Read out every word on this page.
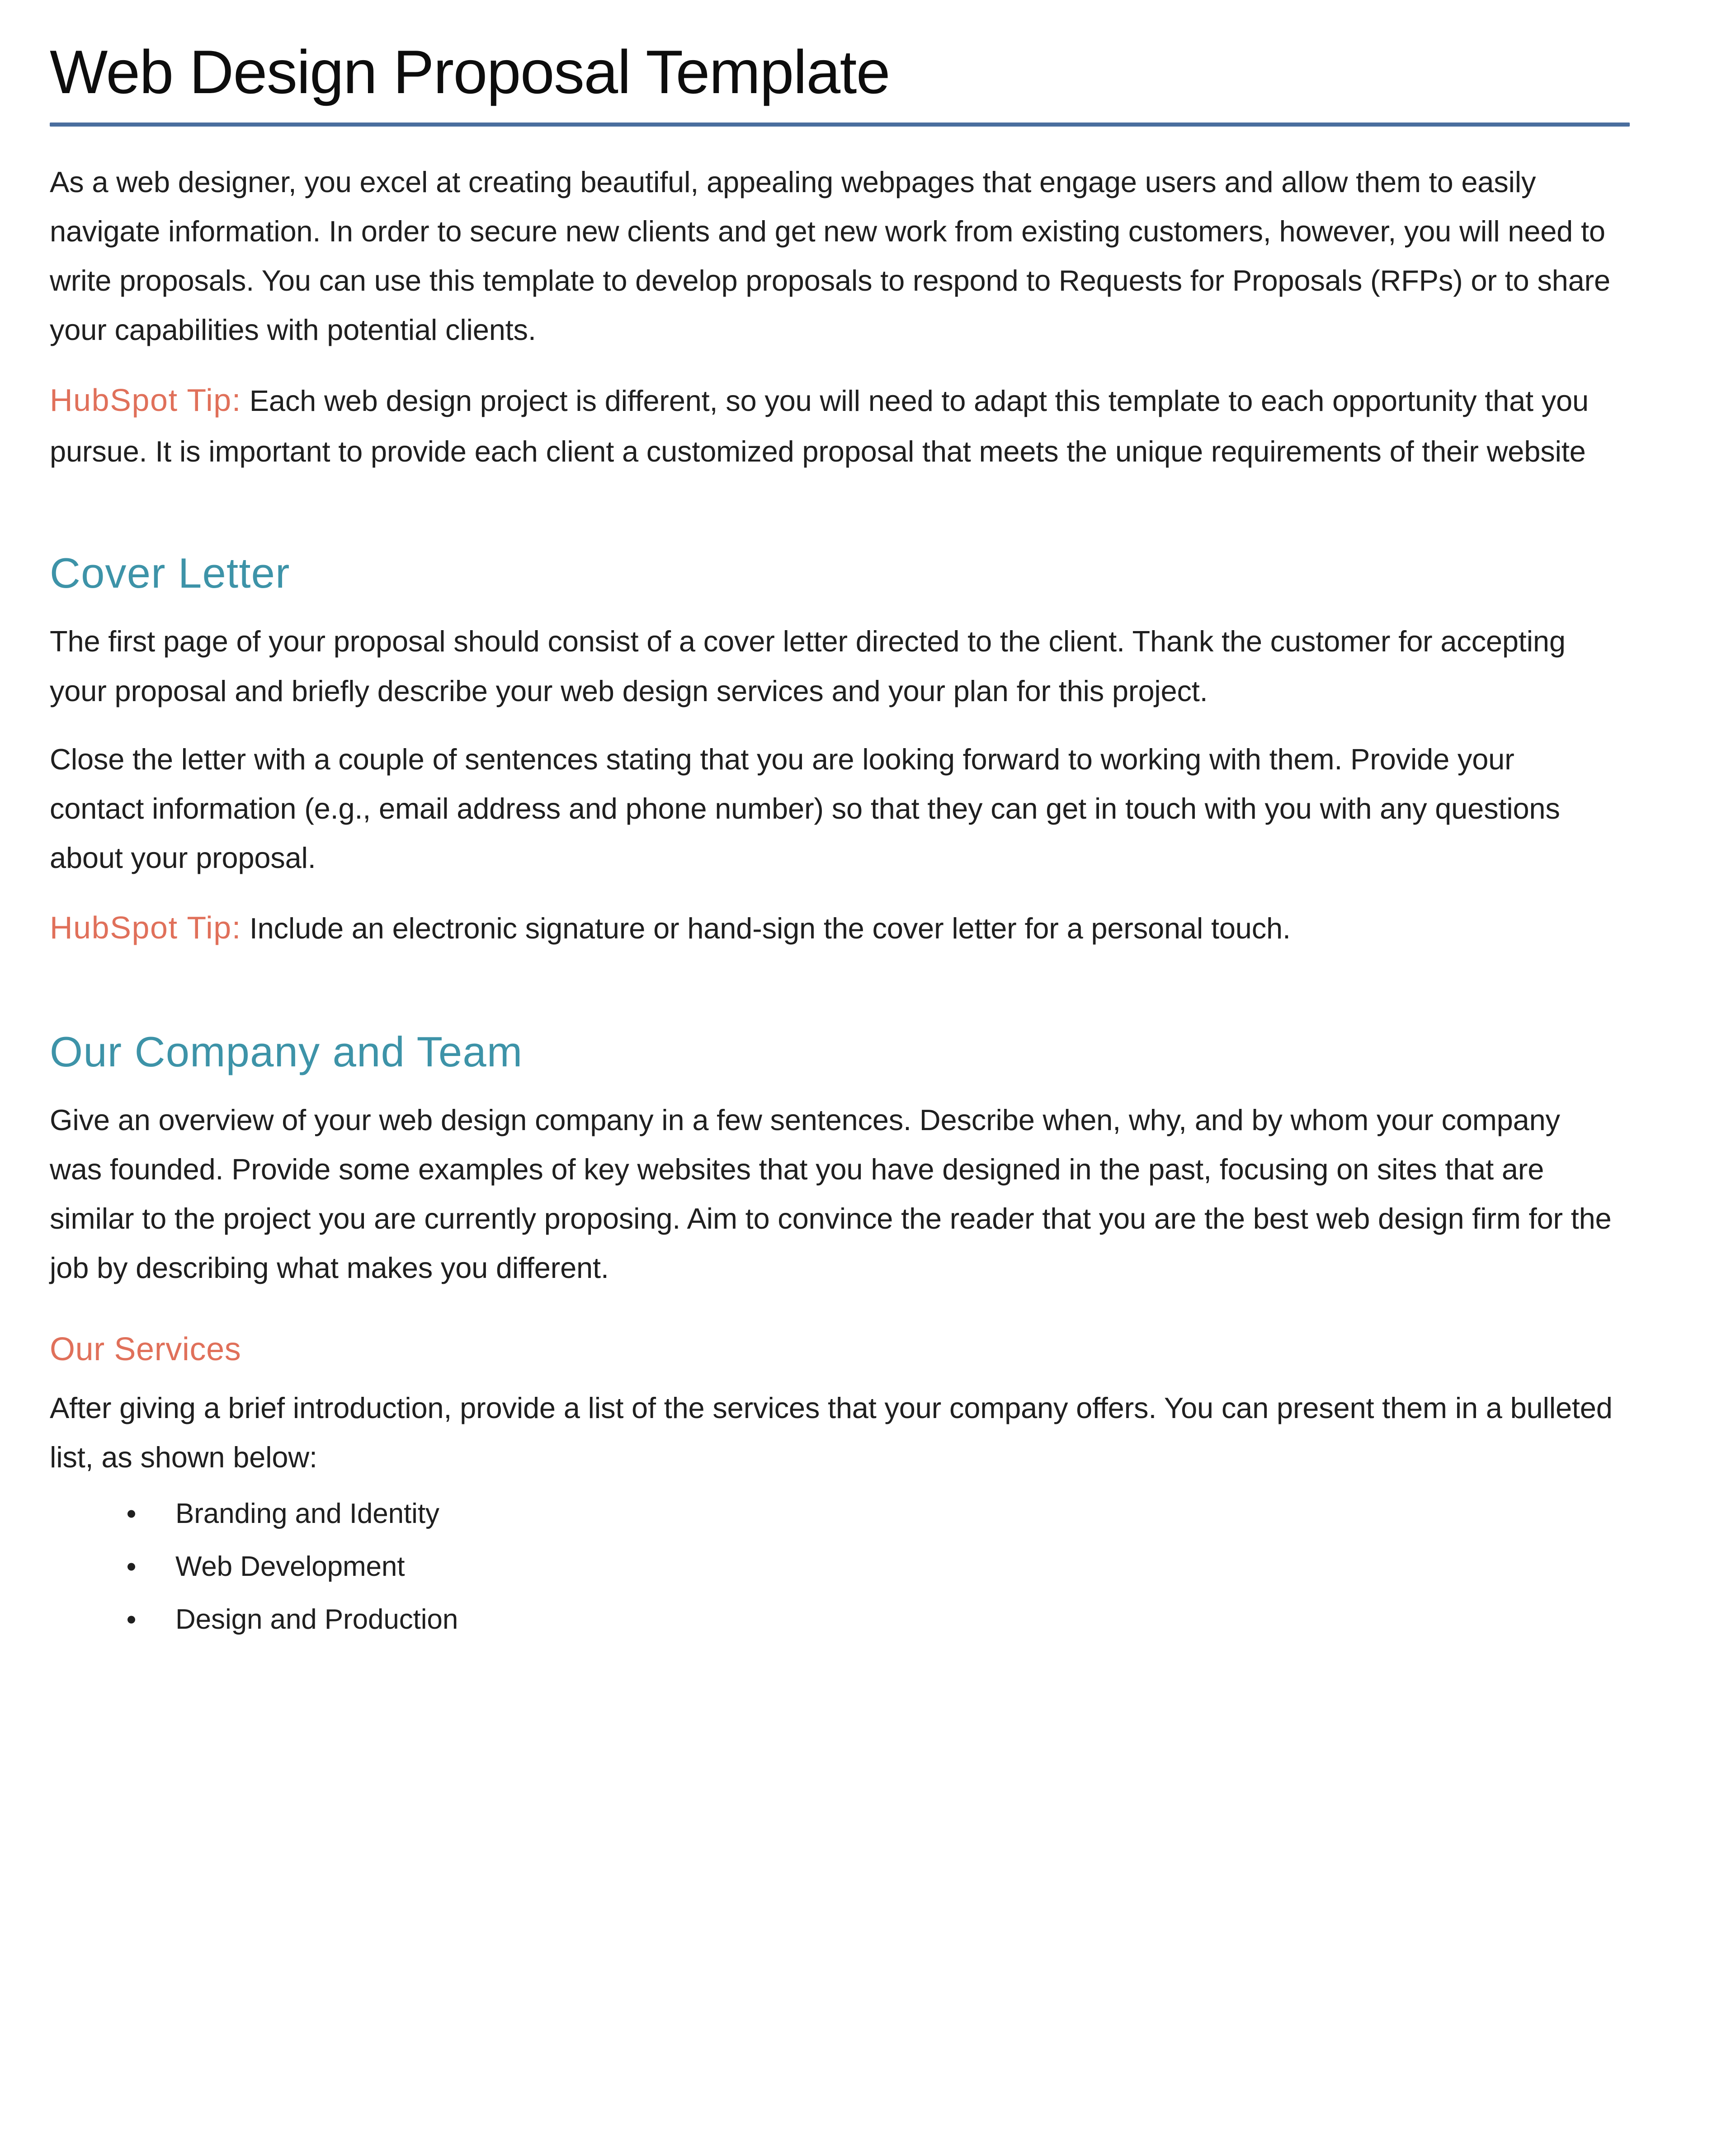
Web Design Proposal Template

As a web designer, you excel at creating beautiful, appealing webpages that engage users and allow them to easily navigate information. In order to secure new clients and get new work from existing customers, however, you will need to write proposals. You can use this template to develop proposals to respond to Requests for Proposals (RFPs) or to share your capabilities with potential clients.

HubSpot Tip: Each web design project is different, so you will need to adapt this template to each opportunity that you pursue. It is important to provide each client a customized proposal that meets the unique requirements of their website

Cover Letter

The first page of your proposal should consist of a cover letter directed to the client. Thank the customer for accepting your proposal and briefly describe your web design services and your plan for this project.

Close the letter with a couple of sentences stating that you are looking forward to working with them. Provide your contact information (e.g., email address and phone number) so that they can get in touch with you with any questions about your proposal.

HubSpot Tip: Include an electronic signature or hand-sign the cover letter for a personal touch.

Our Company and Team

Give an overview of your web design company in a few sentences. Describe when, why, and by whom your company was founded. Provide some examples of key websites that you have designed in the past, focusing on sites that are similar to the project you are currently proposing. Aim to convince the reader that you are the best web design firm for the job by describing what makes you different.

Our Services

After giving a brief introduction, provide a list of the services that your company offers. You can present them in a bulleted list, as shown below:

Branding and Identity
Web Development
Design and Production
